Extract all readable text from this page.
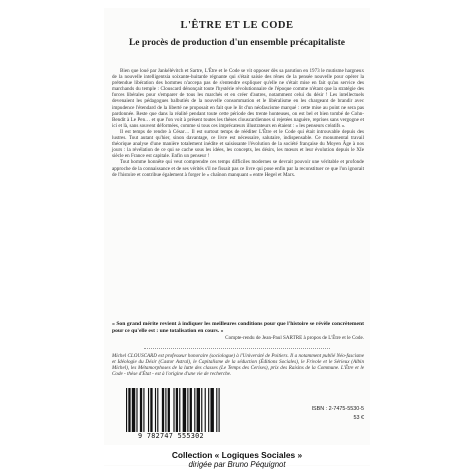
L'ÊTRE ET LE CODE
Le procès de production d'un ensemble précapitaliste

Bien que loué par Jankélévitch et Sartre, L'Être et le Code se vit opposer dès sa parution en 1973 le mutisme hargneux de la nouvelle intelligentsia soixante-huitarde régnante qui s'était saisie des rênes de la pensée nouvelle pour opérer la prétendue libération des hommes n'accepa pas de s'entendre expliquer qu'elle ne s'était mise en fait qu'au service des marchands du temple : Clouscard dénonçait toute l'hystérie révolutionnaire de l'époque comme n'étant que la stratégie des forces libérales pour s'emparer de tous les marchés et en créer d'autres, notamment celui du désir ! Les intellectuels devenaient les pédagogues balbutiés de la nouvelle consommation et le libéralisme en les chargeant de brandir avec impudence l'étendard de la liberté ne proposait en fait que le lit d'un néofascisme marqué : cette mise au point ne sera pas pardonnée. Reste que dans la réalité pendant toute cette période des trente honteuses, on est bel et bien tombé de Cohn-Bendit à Le Pen… et que l'on voit à présent toutes les thèses clouscardiennes si rejetées naguère, reprises sans vergogne et ici et là, sans souvent déformées, comme si tous ces imprécateurs illustrateurs en étaient : « les penseurs créatifs ».

Il est temps de rendre à César… Il est surtout temps de rééditer L'Être et le Code qui était introuvable depuis des lustres. Tout autant qu'hier, sinon davantage, ce livre est nécessaire, salutaire, indispensable. Ce monumental travail théorique analyse d'une manière totalement inédite et saisissante l'évolution de la société française du Moyen Âge à nos jours : la révélation de ce qui se cache sous les idées, les concepts, les désirs, les mœurs et leur évolution depuis le XIe siècle en France est capitale. Enfin un penseur !

Tout homme honnête qui veut comprendre ces temps difficiles modernes se devrait pouvoir une véritable et profonde approche de la connaissance et de ses vérités s'il ne fissait pas ce livre qui pose enfin par la reconstituer ce que l'on ignorait de l'histoire et contribue également à forger le « chaînon manquant » entre Hegel et Marx.

« Son grand mérite revient à indiquer les meilleures conditions pour que l'histoire se révèle concrètement pour ce qu'elle est : une totalisation en cours. »
Compte-rendu de Jean-Paul SARTRE à propos de L'Être et le Code.
Michel CLOUSCARD est professeur honoraire (sociologue) à l'Université de Poitiers. Il a notamment publié Néo-fascisme et Idéologie du Désir (Castor Astral), le Capitalisme de la séduction (Éditions Sociales), le Frivole et le Sérieux (Albin Michel), les Métamorphoses de la lutte des classes (Le Temps des Cerises), prix des Raisins de la Commune. L'Être et le Code - thèse d'État - est à l'origine d'une vie de recherche.
9 782747 555302
ISBN : 2-7475-5530-5
53 €
Collection « Logiques Sociales »
dirigée par Bruno Péquignot
